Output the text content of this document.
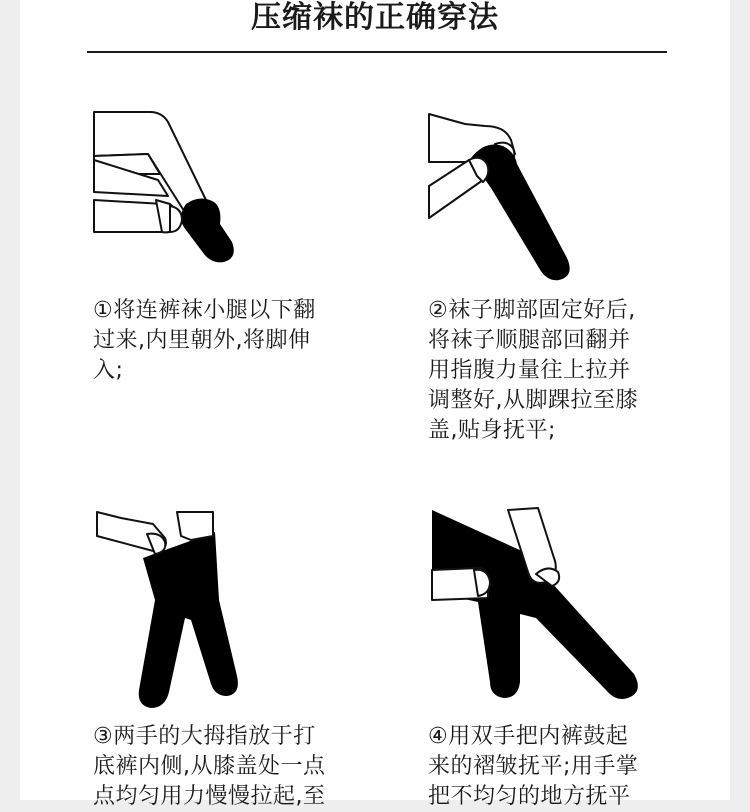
压缩袜的正确穿法
①将连裤袜小腿以下翻
过来,内里朝外,将脚伸
入;
②袜子脚部固定好后,
将袜子顺腿部回翻并
用指腹力量往上拉并
调整好,从脚踝拉至膝
盖,贴身抚平;
③两手的大拇指放于打
底裤内侧,从膝盖处一点
点均匀用力慢慢拉起,至
④用双手把内裤鼓起
来的褶皱抚平;用手掌
把不均匀的地方抚平
